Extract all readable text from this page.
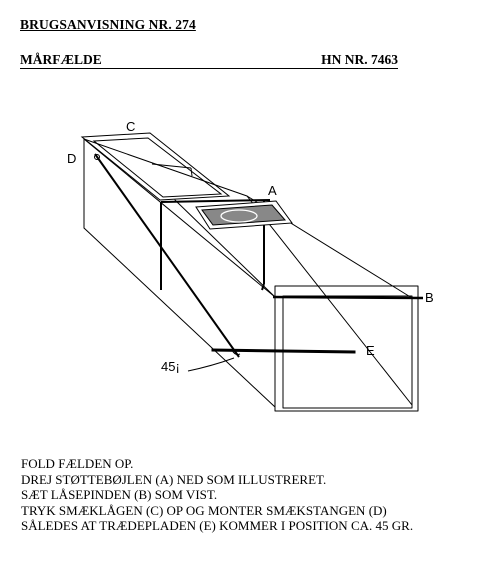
BRUGSANVISNING NR. 274
MÅRFÆLDE	HN NR. 7463
A
B
C
D
E
45¡
FOLD FÆLDEN OP.
DREJ STØTTEBØJLEN (A) NED SOM ILLUSTRERET.
SÆT LÅSEPINDEN (B) SOM VIST.
TRYK SMÆKLÅGEN (C) OP OG MONTER SMÆKSTANGEN (D)
SÅLEDES AT TRÆDEPLADEN (E) KOMMER I POSITION CA. 45 GR.
